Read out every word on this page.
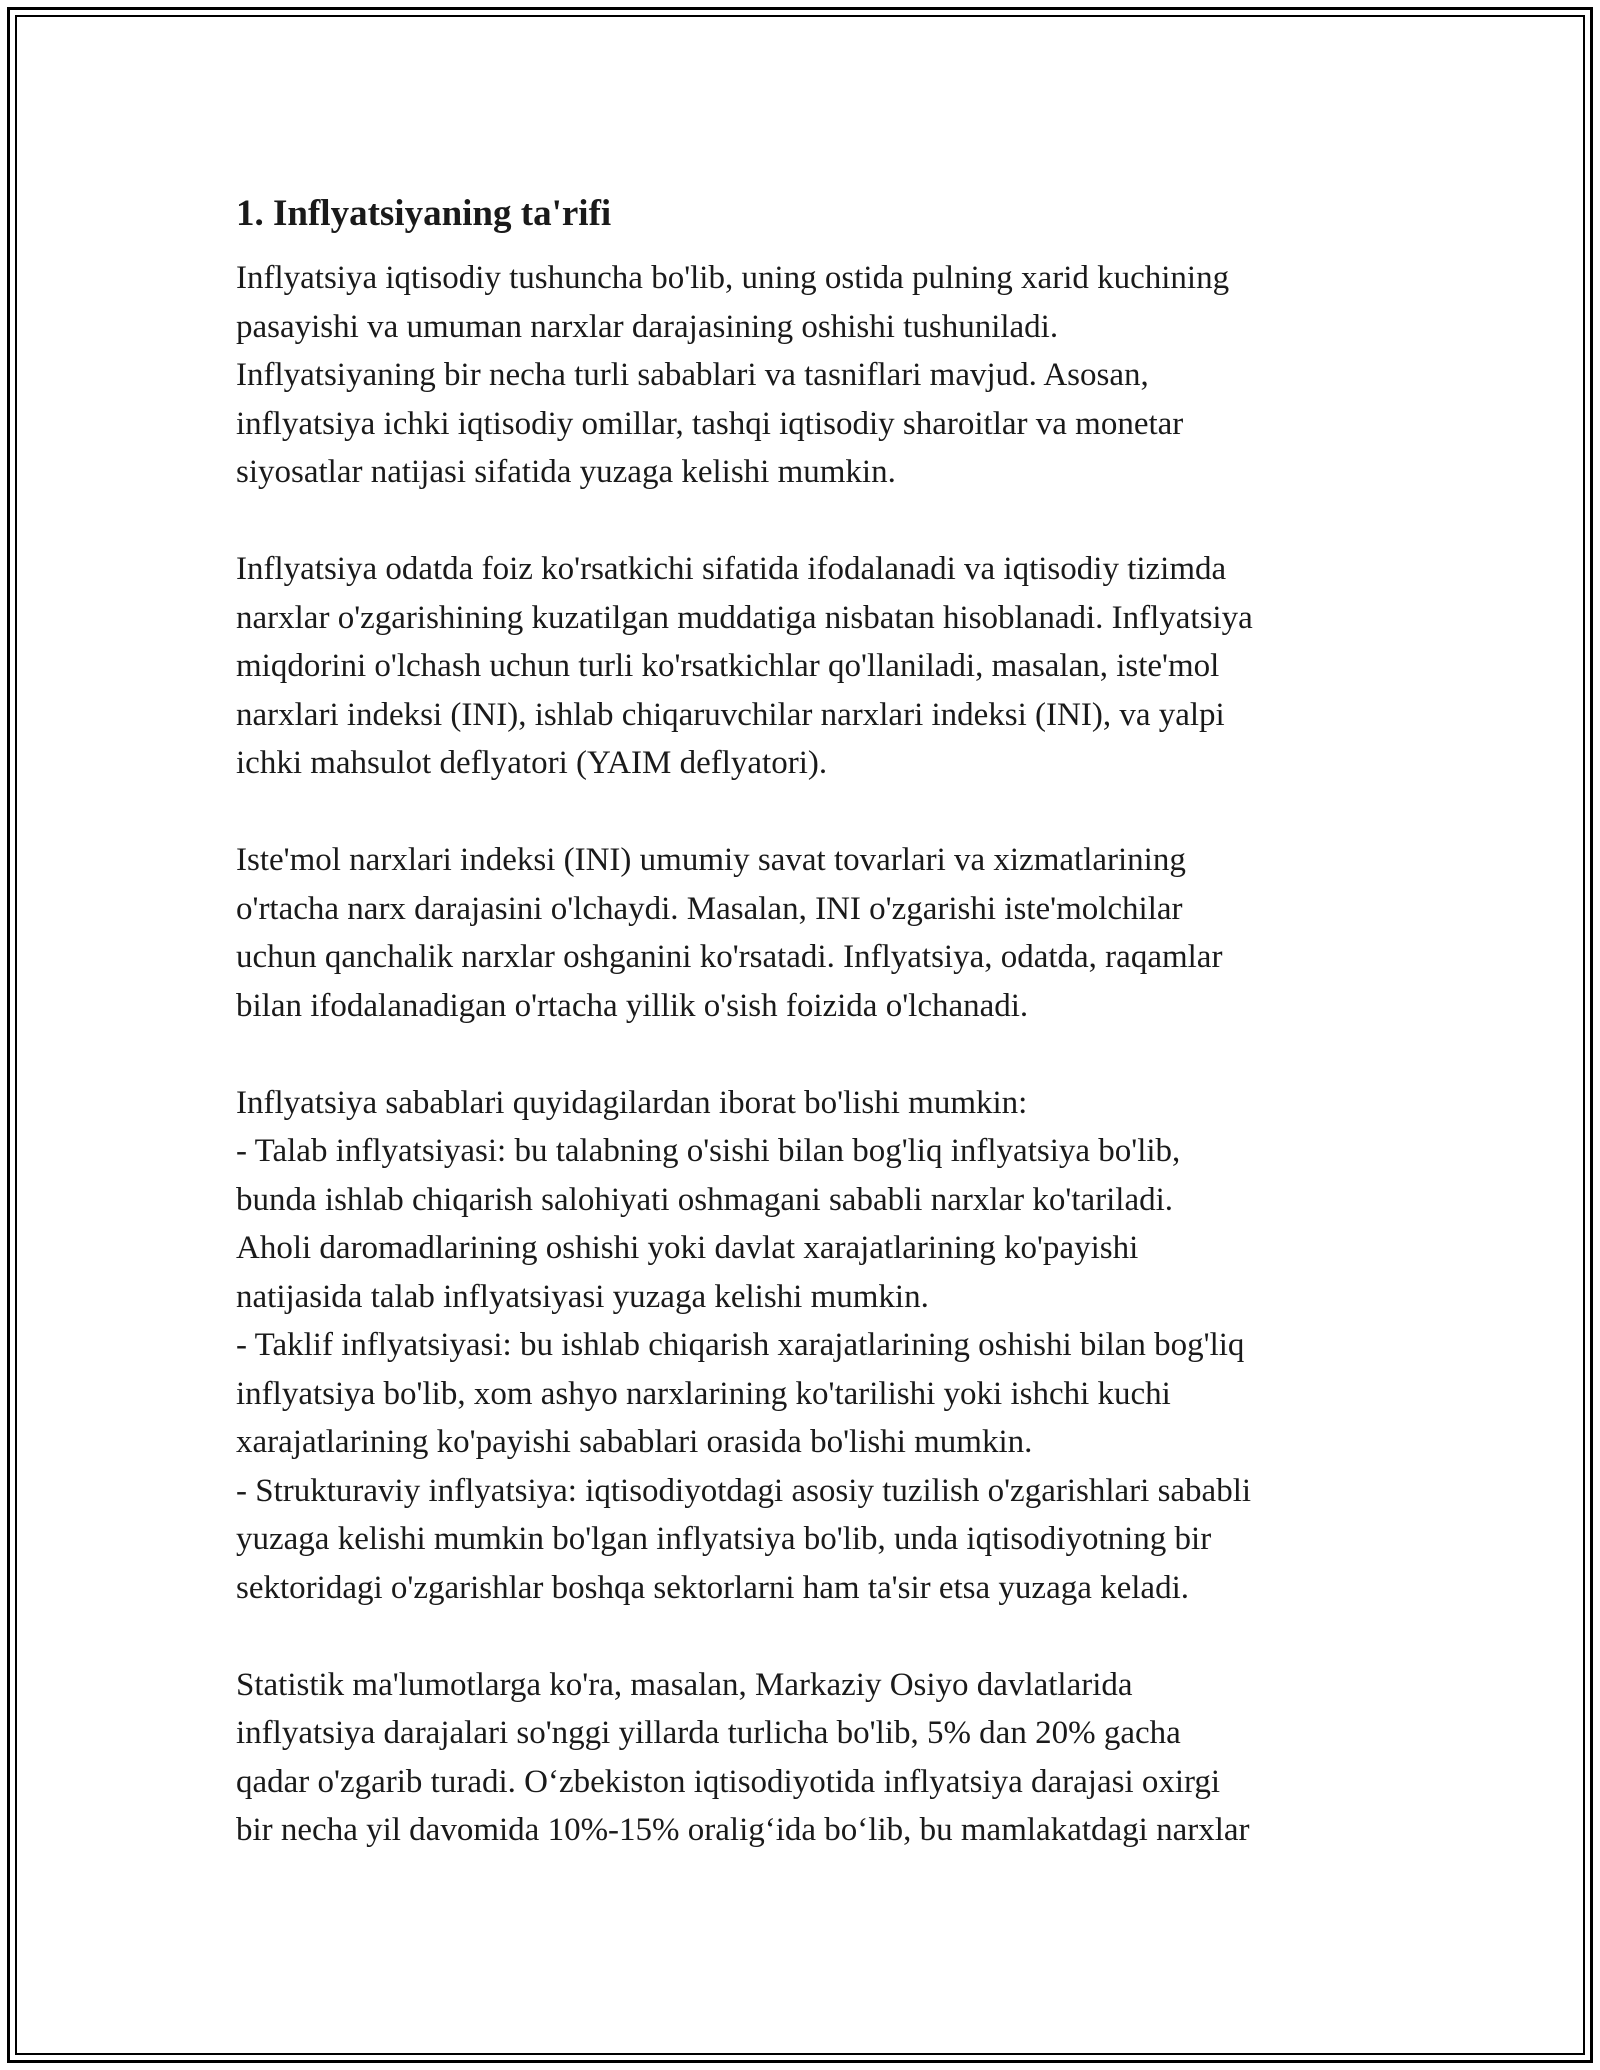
1. Inflyatsiyaning ta'rifi
Inflyatsiya iqtisodiy tushuncha bo'lib, uning ostida pulning xarid kuchining
pasayishi va umuman narxlar darajasining oshishi tushuniladi.
Inflyatsiyaning bir necha turli sabablari va tasniflari mavjud. Asosan,
inflyatsiya ichki iqtisodiy omillar, tashqi iqtisodiy sharoitlar va monetar
siyosatlar natijasi sifatida yuzaga kelishi mumkin.
Inflyatsiya odatda foiz ko'rsatkichi sifatida ifodalanadi va iqtisodiy tizimda
narxlar o'zgarishining kuzatilgan muddatiga nisbatan hisoblanadi. Inflyatsiya
miqdorini o'lchash uchun turli ko'rsatkichlar qo'llaniladi, masalan, iste'mol
narxlari indeksi (INI), ishlab chiqaruvchilar narxlari indeksi (INI), va yalpi
ichki mahsulot deflyatori (YAIM deflyatori).
Iste'mol narxlari indeksi (INI) umumiy savat tovarlari va xizmatlarining
o'rtacha narx darajasini o'lchaydi. Masalan, INI o'zgarishi iste'molchilar
uchun qanchalik narxlar oshganini ko'rsatadi. Inflyatsiya, odatda, raqamlar
bilan ifodalanadigan o'rtacha yillik o'sish foizida o'lchanadi.
Inflyatsiya sabablari quyidagilardan iborat bo'lishi mumkin:
- Talab inflyatsiyasi: bu talabning o'sishi bilan bog'liq inflyatsiya bo'lib,
bunda ishlab chiqarish salohiyati oshmagani sababli narxlar ko'tariladi.
Aholi daromadlarining oshishi yoki davlat xarajatlarining ko'payishi
natijasida talab inflyatsiyasi yuzaga kelishi mumkin.
- Taklif inflyatsiyasi: bu ishlab chiqarish xarajatlarining oshishi bilan bog'liq
inflyatsiya bo'lib, xom ashyo narxlarining ko'tarilishi yoki ishchi kuchi
xarajatlarining ko'payishi sabablari orasida bo'lishi mumkin.
- Strukturaviy inflyatsiya: iqtisodiyotdagi asosiy tuzilish o'zgarishlari sababli
yuzaga kelishi mumkin bo'lgan inflyatsiya bo'lib, unda iqtisodiyotning bir
sektoridagi o'zgarishlar boshqa sektorlarni ham ta'sir etsa yuzaga keladi.
Statistik ma'lumotlarga ko'ra, masalan, Markaziy Osiyo davlatlarida
inflyatsiya darajalari so'nggi yillarda turlicha bo'lib, 5% dan 20% gacha
qadar o'zgarib turadi. O‘zbekiston iqtisodiyotida inflyatsiya darajasi oxirgi
bir necha yil davomida 10%-15% oralig‘ida bo‘lib, bu mamlakatdagi narxlar
